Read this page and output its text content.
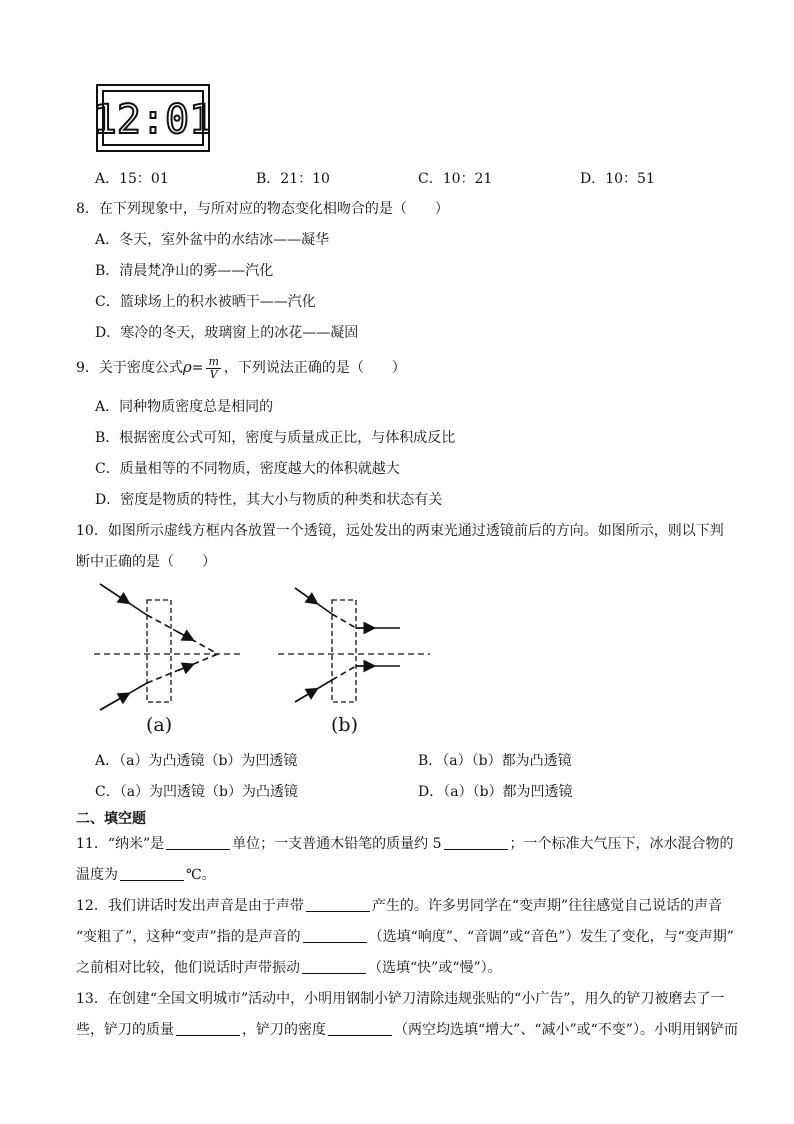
12:01
A．15：01	B．21：10	C．10：21	D．10：51
8．在下列现象中，与所对应的物态变化相吻合的是（　　）
A．冬天，室外盆中的水结冰——凝华
B．清晨梵净山的雾——汽化
C．篮球场上的积水被晒干——汽化
D．寒冷的冬天，玻璃窗上的冰花——凝固
9．关于密度公式$\rho= \frac{m}{V}$ ，下列说法正确的是（　　）
A．同种物质密度总是相同的
B．根据密度公式可知，密度与质量成正比，与体积成反比
C．质量相等的不同物质，密度越大的体积就越大
D．密度是物质的特性，其大小与物质的种类和状态有关
10．如图所示虚线方框内各放置一个透镜，远处发出的两束光通过透镜前后的方向。如图所示，则以下判
断中正确的是（　　）
(a)	(b)
A．（a）为凸透镜（b）为凹透镜	B．（a）（b）都为凸透镜
C．（a）为凹透镜（b）为凸透镜	D．（a）（b）都为凹透镜
二、填空题
11．“纳米”是	单位；一支普通木铅笔的质量约 5	；一个标准大气压下，冰水混合物的
温度为	℃。
12．我们讲话时发出声音是由于声带	产生的。许多男同学在“变声期”往往感觉自己说话的声音
“变粗了”，这种“变声”指的是声音的	（选填“响度”、“音调”或“音色”）发生了变化，与“变声期”
之前相对比较，他们说话时声带振动	（选填“快”或“慢”）。
13．在创建“全国文明城市”活动中，小明用钢制小铲刀清除违规张贴的“小广告”，用久的铲刀被磨去了一
些，铲刀的质量	，铲刀的密度	（两空均选填“增大”、“减小”或“不变”）。小明用钢铲而
